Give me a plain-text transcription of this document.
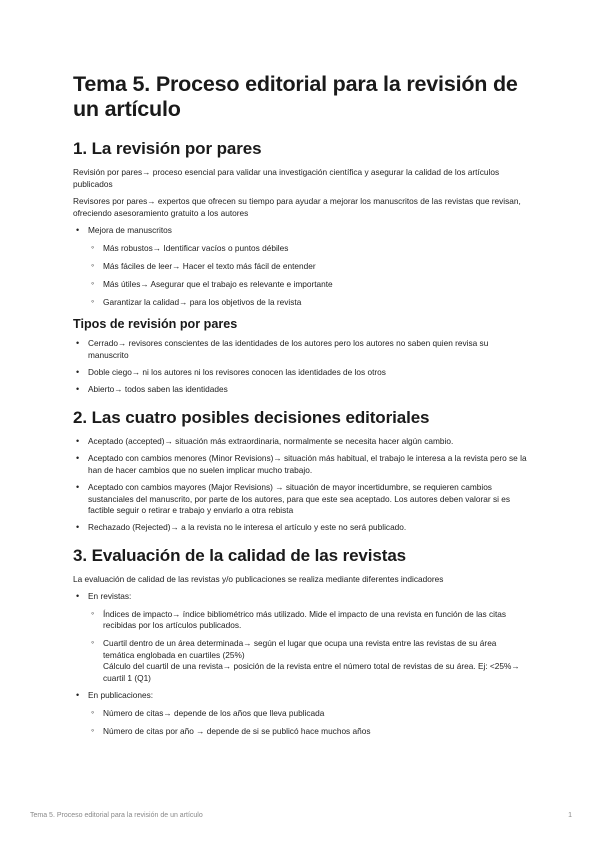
Tema 5. Proceso editorial para la revisión de un artículo
1. La revisión por pares

Revisión por pares→ proceso esencial para validar una investigación científica y asegurar la calidad de los artículos publicados

Revisores por pares→ expertos que ofrecen su tiempo para ayudar a mejorar los manuscritos de las revistas que revisan, ofreciendo asesoramiento gratuito a los autores

• Mejora de manuscritos
◦ Más robustos→ Identificar vacíos o puntos débiles
◦ Más fáciles de leer→ Hacer el texto más fácil de entender
◦ Más útiles→ Asegurar que el trabajo es relevante e importante
◦ Garantizar la calidad→ para los objetivos de la revista
Tipos de revisión por pares
• Cerrado→ revisores conscientes de las identidades de los autores pero los autores no saben quien revisa su manuscrito
• Doble ciego→ ni los autores ni los revisores conocen las identidades de los otros
• Abierto→ todos saben las identidades
2. Las cuatro posibles decisiones editoriales
• Aceptado (accepted)→ situación más extraordinaria, normalmente se necesita hacer algún cambio.
• Aceptado con cambios menores (Minor Revisions)→ situación más habitual, el trabajo le interesa a la revista pero se la han de hacer cambios que no suelen implicar mucho trabajo.
• Aceptado con cambios mayores (Major Revisions) → situación de mayor incertidumbre, se requieren cambios sustanciales del manuscrito, por parte de los autores, para que este sea aceptado. Los autores deben valorar si es factible seguir o retirar e trabajo y enviarlo a otra rebista
• Rechazado (Rejected)→ a la revista no le interesa el artículo y este no será publicado.
3. Evaluación de la calidad de las revistas

La evaluación de calidad de las revistas y/o publicaciones se realiza mediante diferentes indicadores

• En revistas:
◦ Índices de impacto→ índice bibliométrico más utilizado. Mide el impacto de una revista en función de las citas recibidas por los artículos publicados.
◦ Cuartil dentro de un área determinada→ según el lugar que ocupa una revista entre las revistas de su área temática englobada en cuartiles (25%)
Cálculo del cuartil de una revista→ posición de la revista entre el número total de revistas de su área. Ej: <25%→ cuartil 1 (Q1)
• En publicaciones:
◦ Número de citas→ depende de los años que lleva publicada
◦ Número de citas por año → depende de si se publicó hace muchos años
Tema 5. Proceso editorial para la revisión de un artículo	1
